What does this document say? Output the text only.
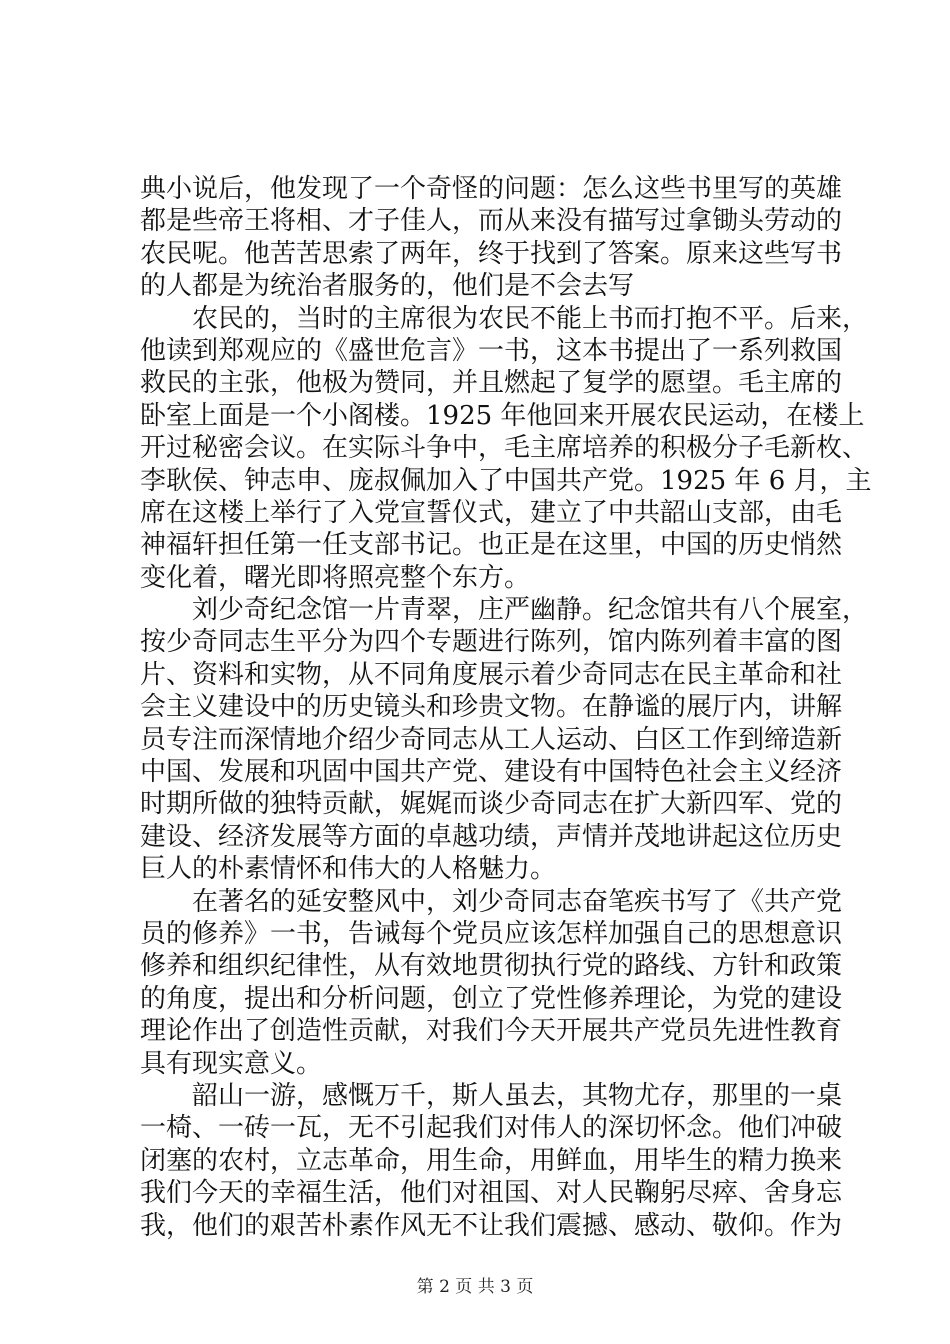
典小说后，他发现了一个奇怪的问题：怎么这些书里写的英雄
都是些帝王将相、才子佳人，而从来没有描写过拿锄头劳动的
农民呢。他苦苦思索了两年，终于找到了答案。原来这些写书
的人都是为统治者服务的，他们是不会去写
　　农民的，当时的主席很为农民不能上书而打抱不平。后来，
他读到郑观应的《盛世危言》一书，这本书提出了一系列救国
救民的主张，他极为赞同，并且燃起了复学的愿望。毛主席的
卧室上面是一个小阁楼。1925 年他回来开展农民运动，在楼上
开过秘密会议。在实际斗争中，毛主席培养的积极分子毛新枚、
李耿侯、钟志申、庞叔佩加入了中国共产党。1925 年 6 月，主
席在这楼上举行了入党宣誓仪式，建立了中共韶山支部，由毛
神福轩担任第一任支部书记。也正是在这里，中国的历史悄然
变化着，曙光即将照亮整个东方。
　　刘少奇纪念馆一片青翠，庄严幽静。纪念馆共有八个展室，
按少奇同志生平分为四个专题进行陈列，馆内陈列着丰富的图
片、资料和实物，从不同角度展示着少奇同志在民主革命和社
会主义建设中的历史镜头和珍贵文物。在静谧的展厅内，讲解
员专注而深情地介绍少奇同志从工人运动、白区工作到缔造新
中国、发展和巩固中国共产党、建设有中国特色社会主义经济
时期所做的独特贡献，娓娓而谈少奇同志在扩大新四军、党的
建设、经济发展等方面的卓越功绩，声情并茂地讲起这位历史
巨人的朴素情怀和伟大的人格魅力。
　　在著名的延安整风中，刘少奇同志奋笔疾书写了《共产党
员的修养》一书，告诫每个党员应该怎样加强自己的思想意识
修养和组织纪律性，从有效地贯彻执行党的路线、方针和政策
的角度，提出和分析问题，创立了党性修养理论，为党的建设
理论作出了创造性贡献，对我们今天开展共产党员先进性教育
具有现实意义。
　　韶山一游，感慨万千，斯人虽去，其物尤存，那里的一桌
一椅、一砖一瓦，无不引起我们对伟人的深切怀念。他们冲破
闭塞的农村，立志革命，用生命，用鲜血，用毕生的精力换来
我们今天的幸福生活，他们对祖国、对人民鞠躬尽瘁、舍身忘
我，他们的艰苦朴素作风无不让我们震撼、感动、敬仰。作为
第 2 页 共 3 页
